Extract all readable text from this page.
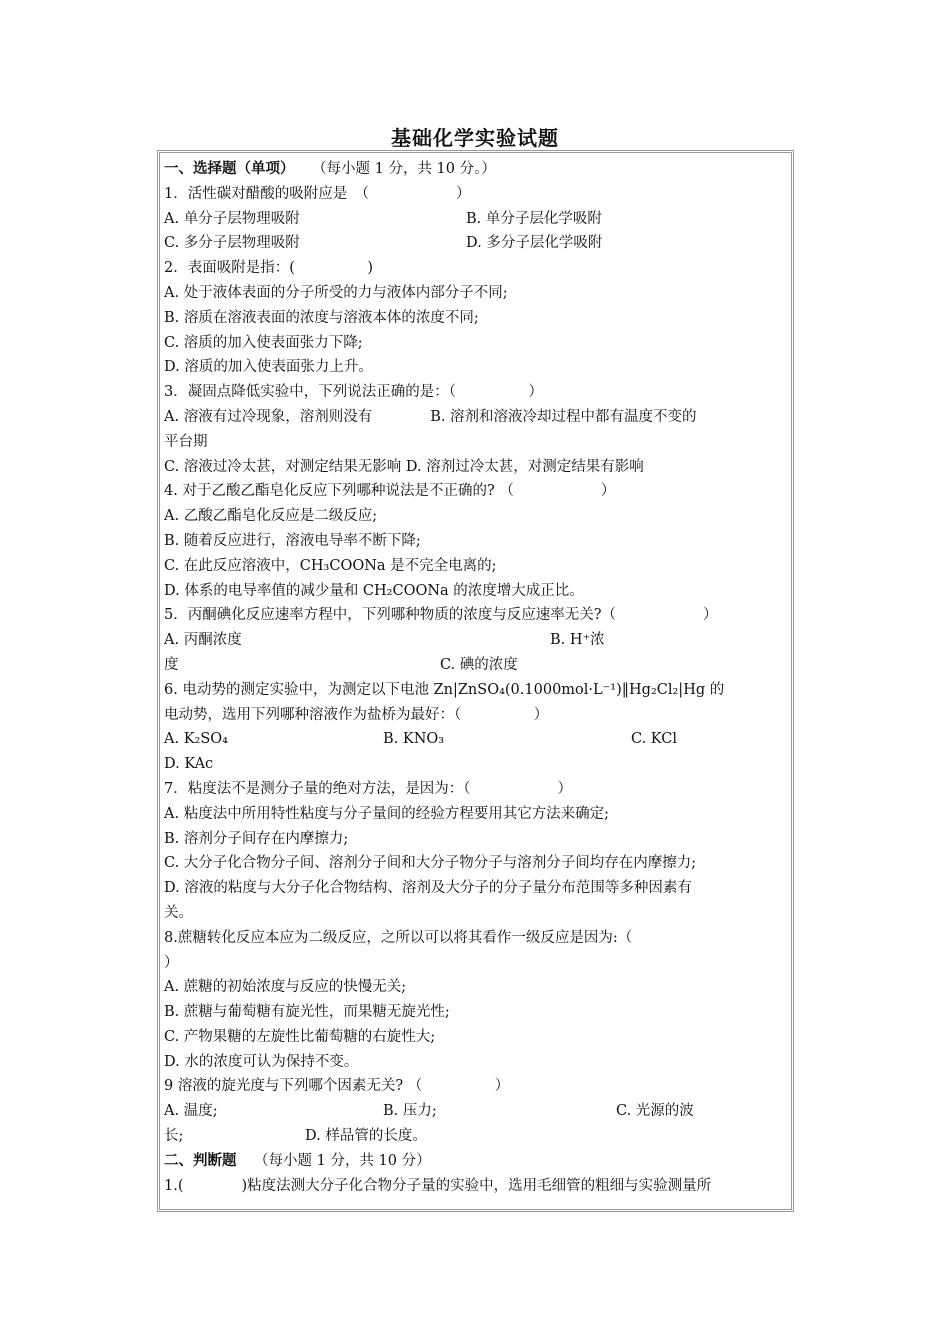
基础化学实验试题
一、选择题（单项） （每小题 1 分，共 10 分。）
1．活性碳对醋酸的吸附应是　（　　　　　　）
A. 单分子层物理吸附	B. 单分子层化学吸附
C. 多分子层物理吸附	D. 多分子层化学吸附
2．表面吸附是指：(　　　　　)
A. 处于液体表面的分子所受的力与液体内部分子不同;
B. 溶质在溶液表面的浓度与溶液本体的浓度不同;
C. 溶质的加入使表面张力下降;
D. 溶质的加入使表面张力上升。
3．凝固点降低实验中，下列说法正确的是：（　　　　　）
A. 溶液有过冷现象，溶剂则没有　　　　B. 溶剂和溶液冷却过程中都有温度不变的
平台期
C. 溶液过冷太甚，对测定结果无影响 D. 溶剂过冷太甚，对测定结果有影响
4. 对于乙酸乙酯皂化反应下列哪种说法是不正确的? （　　　　　　）
A. 乙酸乙酯皂化反应是二级反应;
B. 随着反应进行，溶液电导率不断下降;
C. 在此反应溶液中，CH₃COONa 是不完全电离的;
D. 体系的电导率值的减少量和 CH₂COONa 的浓度增大成正比。
5．丙酮碘化反应速率方程中，下列哪种物质的浓度与反应速率无关?（　　　　　　）
A. 丙酮浓度	B. H⁺浓
度	C. 碘的浓度
6. 电动势的测定实验中，为测定以下电池 Zn|ZnSO₄(0.1000mol·L⁻¹)‖Hg₂Cl₂|Hg 的
电动势，选用下列哪种溶液作为盐桥为最好：（　　　　　）
A. K₂SO₄	B. KNO₃	C. KCl
D. KAc
7．粘度法不是测分子量的绝对方法，是因为：（　　　　　　）
A. 粘度法中所用特性粘度与分子量间的经验方程要用其它方法来确定;
B. 溶剂分子间存在内摩擦力;
C. 大分子化合物分子间、溶剂分子间和大分子物分子与溶剂分子间均存在内摩擦力;
D. 溶液的粘度与大分子化合物结构、溶剂及大分子的分子量分布范围等多种因素有
关。
8.蔗糖转化反应本应为二级反应，之所以可以将其看作一级反应是因为:（
）
A. 蔗糖的初始浓度与反应的快慢无关;
B. 蔗糖与葡萄糖有旋光性，而果糖无旋光性;
C. 产物果糖的左旋性比葡萄糖的右旋性大;
D. 水的浓度可认为保持不变。
9 溶液的旋光度与下列哪个因素无关? （　　　　　）
A. 温度;	B. 压力;	C. 光源的波
长;	D. 样品管的长度。
二、判断题 （每小题 1 分，共 10 分）
1.(　　　　)粘度法测大分子化合物分子量的实验中，选用毛细管的粗细与实验测量所
